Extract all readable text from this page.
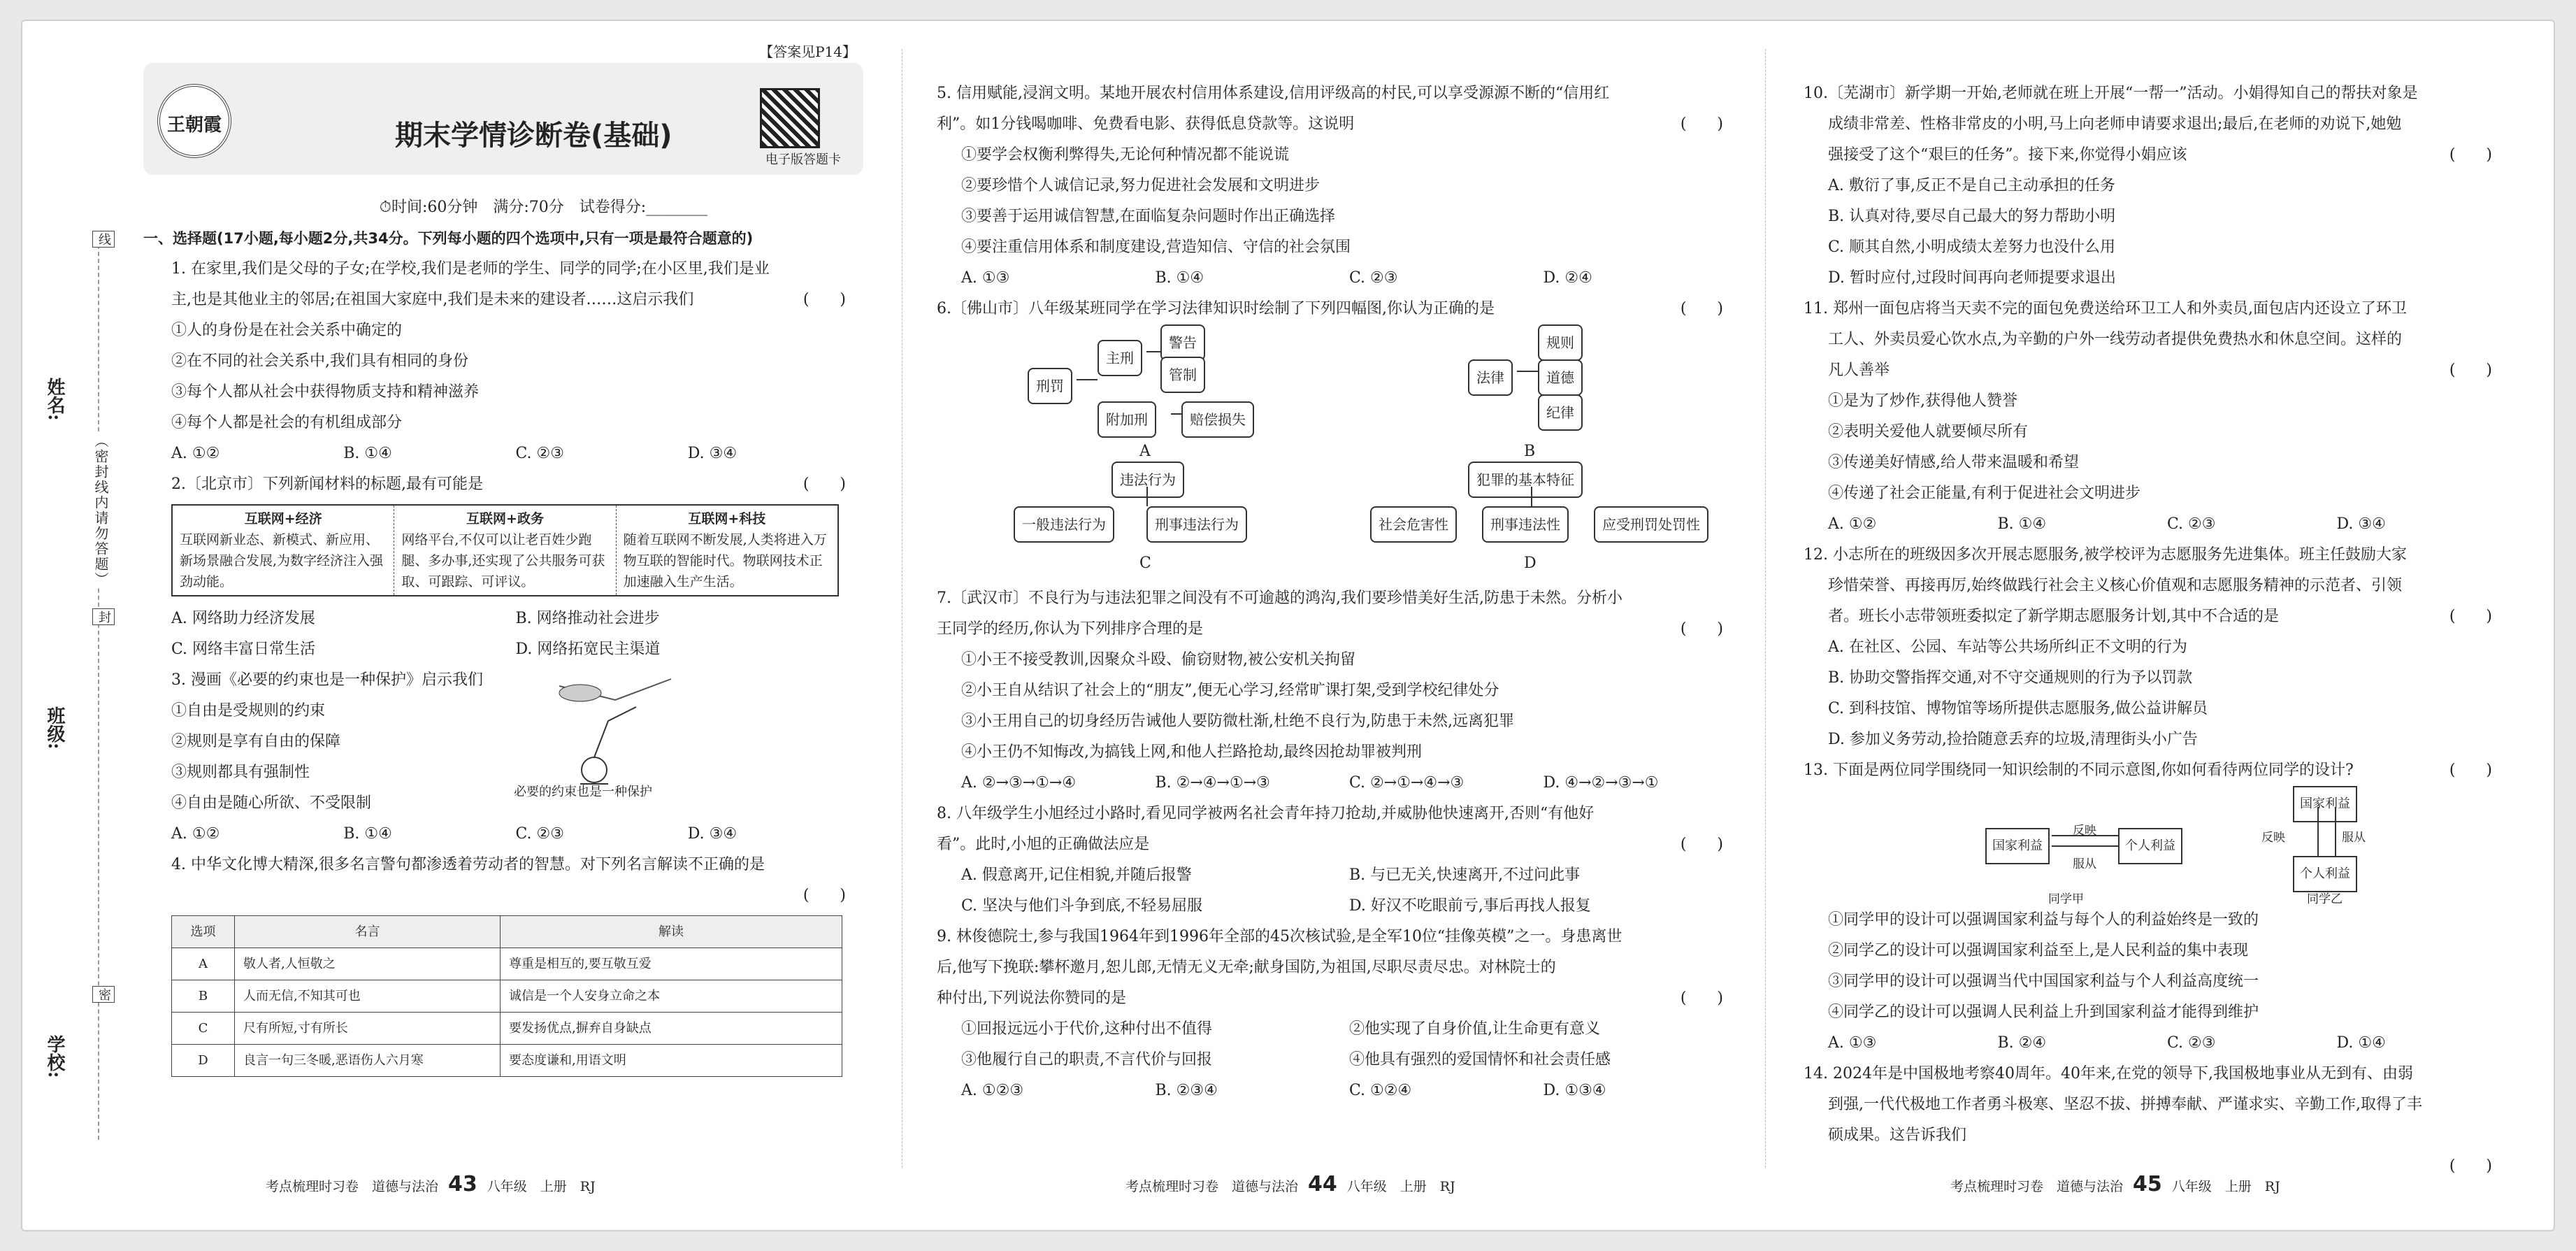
姓名:
班级:
学校:
线
（密封线内请勿答题）
封
密
【答案见P14】
王朝霞	期末学情诊断卷(基础)
电子版答题卡
⏱时间:60分钟　满分:70分　试卷得分:________
一、选择题(17小题,每小题2分,共34分。下列每小题的四个选项中,只有一项是最符合题意的)
1. 在家里,我们是父母的子女;在学校,我们是老师的学生、同学的同学;在小区里,我们是业
主,也是其他业主的邻居;在祖国大家庭中,我们是未来的建设者……这启示我们	(　　)
①人的身份是在社会关系中确定的
②在不同的社会关系中,我们具有相同的身份
③每个人都从社会中获得物质支持和精神滋养
④每个人都是社会的有机组成部分
A. ①②	B. ①④	C. ②③	D. ③④
2.〔北京市〕下列新闻材料的标题,最有可能是	(　　)
互联网+经济
互联网新业态、新模式、新应用、新场景融合发展,为数字经济注入强劲动能。
互联网+政务
网络平台,不仅可以让老百姓少跑腿、多办事,还实现了公共服务可获取、可跟踪、可评议。
互联网+科技
随着互联网不断发展,人类将进入万物互联的智能时代。物联网技术正加速融入生产生活。
A. 网络助力经济发展	B. 网络推动社会进步
C. 网络丰富日常生活	D. 网络拓宽民主渠道
3. 漫画《必要的约束也是一种保护》启示我们
①自由是受规则的约束
②规则是享有自由的保障
③规则都具有强制性
④自由是随心所欲、不受限制
必要的约束也是一种保护
A. ①②	B. ①④	C. ②③	D. ③④
4. 中华文化博大精深,很多名言警句都渗透着劳动者的智慧。对下列名言解读不正确的是
(　　)
选项	名言	解读
A	敬人者,人恒敬之	尊重是相互的,要互敬互爱
B	人而无信,不知其可也	诚信是一个人安身立命之本
C	尺有所短,寸有所长	要发扬优点,摒弃自身缺点
D	良言一句三冬暖,恶语伤人六月寒	要态度谦和,用语文明
考点梳理时习卷　道德与法治 43 八年级　上册　RJ
5. 信用赋能,浸润文明。某地开展农村信用体系建设,信用评级高的村民,可以享受源源不断的“信用红
利”。如1分钱喝咖啡、免费看电影、获得低息贷款等。这说明	(　　)
①要学会权衡利弊得失,无论何种情况都不能说谎
②要珍惜个人诚信记录,努力促进社会发展和文明进步
③要善于运用诚信智慧,在面临复杂问题时作出正确选择
④要注重信用体系和制度建设,营造知信、守信的社会氛围
A. ①③	B. ①④	C. ②③	D. ②④
6.〔佛山市〕八年级某班同学在学习法律知识时绘制了下列四幅图,你认为正确的是	(　　)
刑罚
主刑
警告
管制
附加刑	赔偿损失
A
法律
规则
道德
纪律
B
违法行为
一般违法行为	刑事违法行为
C
犯罪的基本特征
社会危害性	刑事违法性	应受刑罚处罚性
D
7.〔武汉市〕不良行为与违法犯罪之间没有不可逾越的鸿沟,我们要珍惜美好生活,防患于未然。分析小
王同学的经历,你认为下列排序合理的是	(　　)
①小王不接受教训,因聚众斗殴、偷窃财物,被公安机关拘留
②小王自从结识了社会上的“朋友”,便无心学习,经常旷课打架,受到学校纪律处分
③小王用自己的切身经历告诫他人要防微杜渐,杜绝不良行为,防患于未然,远离犯罪
④小王仍不知悔改,为搞钱上网,和他人拦路抢劫,最终因抢劫罪被判刑
A. ②→③→①→④	B. ②→④→①→③	C. ②→①→④→③	D. ④→②→③→①
8. 八年级学生小旭经过小路时,看见同学被两名社会青年持刀抢劫,并威胁他快速离开,否则“有他好
看”。此时,小旭的正确做法应是	(　　)
A. 假意离开,记住相貌,并随后报警	B. 与已无关,快速离开,不过问此事
C. 坚决与他们斗争到底,不轻易屈服	D. 好汉不吃眼前亏,事后再找人报复
9. 林俊德院士,参与我国1964年到1996年全部的45次核试验,是全军10位“挂像英模”之一。身患离世
后,他写下挽联:攀杯邀月,恕儿郎,无情无义无牵;献身国防,为祖国,尽职尽责尽忠。对林院士的
种付出,下列说法你赞同的是	(　　)
①回报远远小于代价,这种付出不值得	②他实现了自身价值,让生命更有意义
③他履行自己的职责,不言代价与回报	④他具有强烈的爱国情怀和社会责任感
A. ①②③	B. ②③④	C. ①②④	D. ①③④
考点梳理时习卷　道德与法治 44 八年级　上册　RJ
10.〔芜湖市〕新学期一开始,老师就在班上开展“一帮一”活动。小娟得知自己的帮扶对象是
成绩非常差、性格非常皮的小明,马上向老师申请要求退出;最后,在老师的劝说下,她勉
强接受了这个“艰巨的任务”。接下来,你觉得小娟应该	(　　)
A. 敷衍了事,反正不是自己主动承担的任务
B. 认真对待,要尽自己最大的努力帮助小明
C. 顺其自然,小明成绩太差努力也没什么用
D. 暂时应付,过段时间再向老师提要求退出
11. 郑州一面包店将当天卖不完的面包免费送给环卫工人和外卖员,面包店内还设立了环卫
工人、外卖员爱心饮水点,为辛勤的户外一线劳动者提供免费热水和休息空间。这样的
凡人善举	(　　)
①是为了炒作,获得他人赞誉
②表明关爱他人就要倾尽所有
③传递美好情感,给人带来温暖和希望
④传递了社会正能量,有利于促进社会文明进步
A. ①②	B. ①④	C. ②③	D. ③④
12. 小志所在的班级因多次开展志愿服务,被学校评为志愿服务先进集体。班主任鼓励大家
珍惜荣誉、再接再厉,始终做践行社会主义核心价值观和志愿服务精神的示范者、引领
者。班长小志带领班委拟定了新学期志愿服务计划,其中不合适的是	(　　)
A. 在社区、公园、车站等公共场所纠正不文明的行为
B. 协助交警指挥交通,对不守交通规则的行为予以罚款
C. 到科技馆、博物馆等场所提供志愿服务,做公益讲解员
D. 参加义务劳动,捡拾随意丢弃的垃圾,清理街头小广告
13. 下面是两位同学围绕同一知识绘制的不同示意图,你如何看待两位同学的设计?	(　　)
国家利益	个人利益
反映
服从
同学甲
国家利益
个人利益
反映	服从
同学乙
①同学甲的设计可以强调国家利益与每个人的利益始终是一致的
②同学乙的设计可以强调国家利益至上,是人民利益的集中表现
③同学甲的设计可以强调当代中国国家利益与个人利益高度统一
④同学乙的设计可以强调人民利益上升到国家利益才能得到维护
A. ①③	B. ②④	C. ②③	D. ①④
14. 2024年是中国极地考察40周年。40年来,在党的领导下,我国极地事业从无到有、由弱
到强,一代代极地工作者勇斗极寒、坚忍不拔、拼搏奉献、严谨求实、辛勤工作,取得了丰
硕成果。这告诉我们
(　　)
考点梳理时习卷　道德与法治 45 八年级　上册　RJ
